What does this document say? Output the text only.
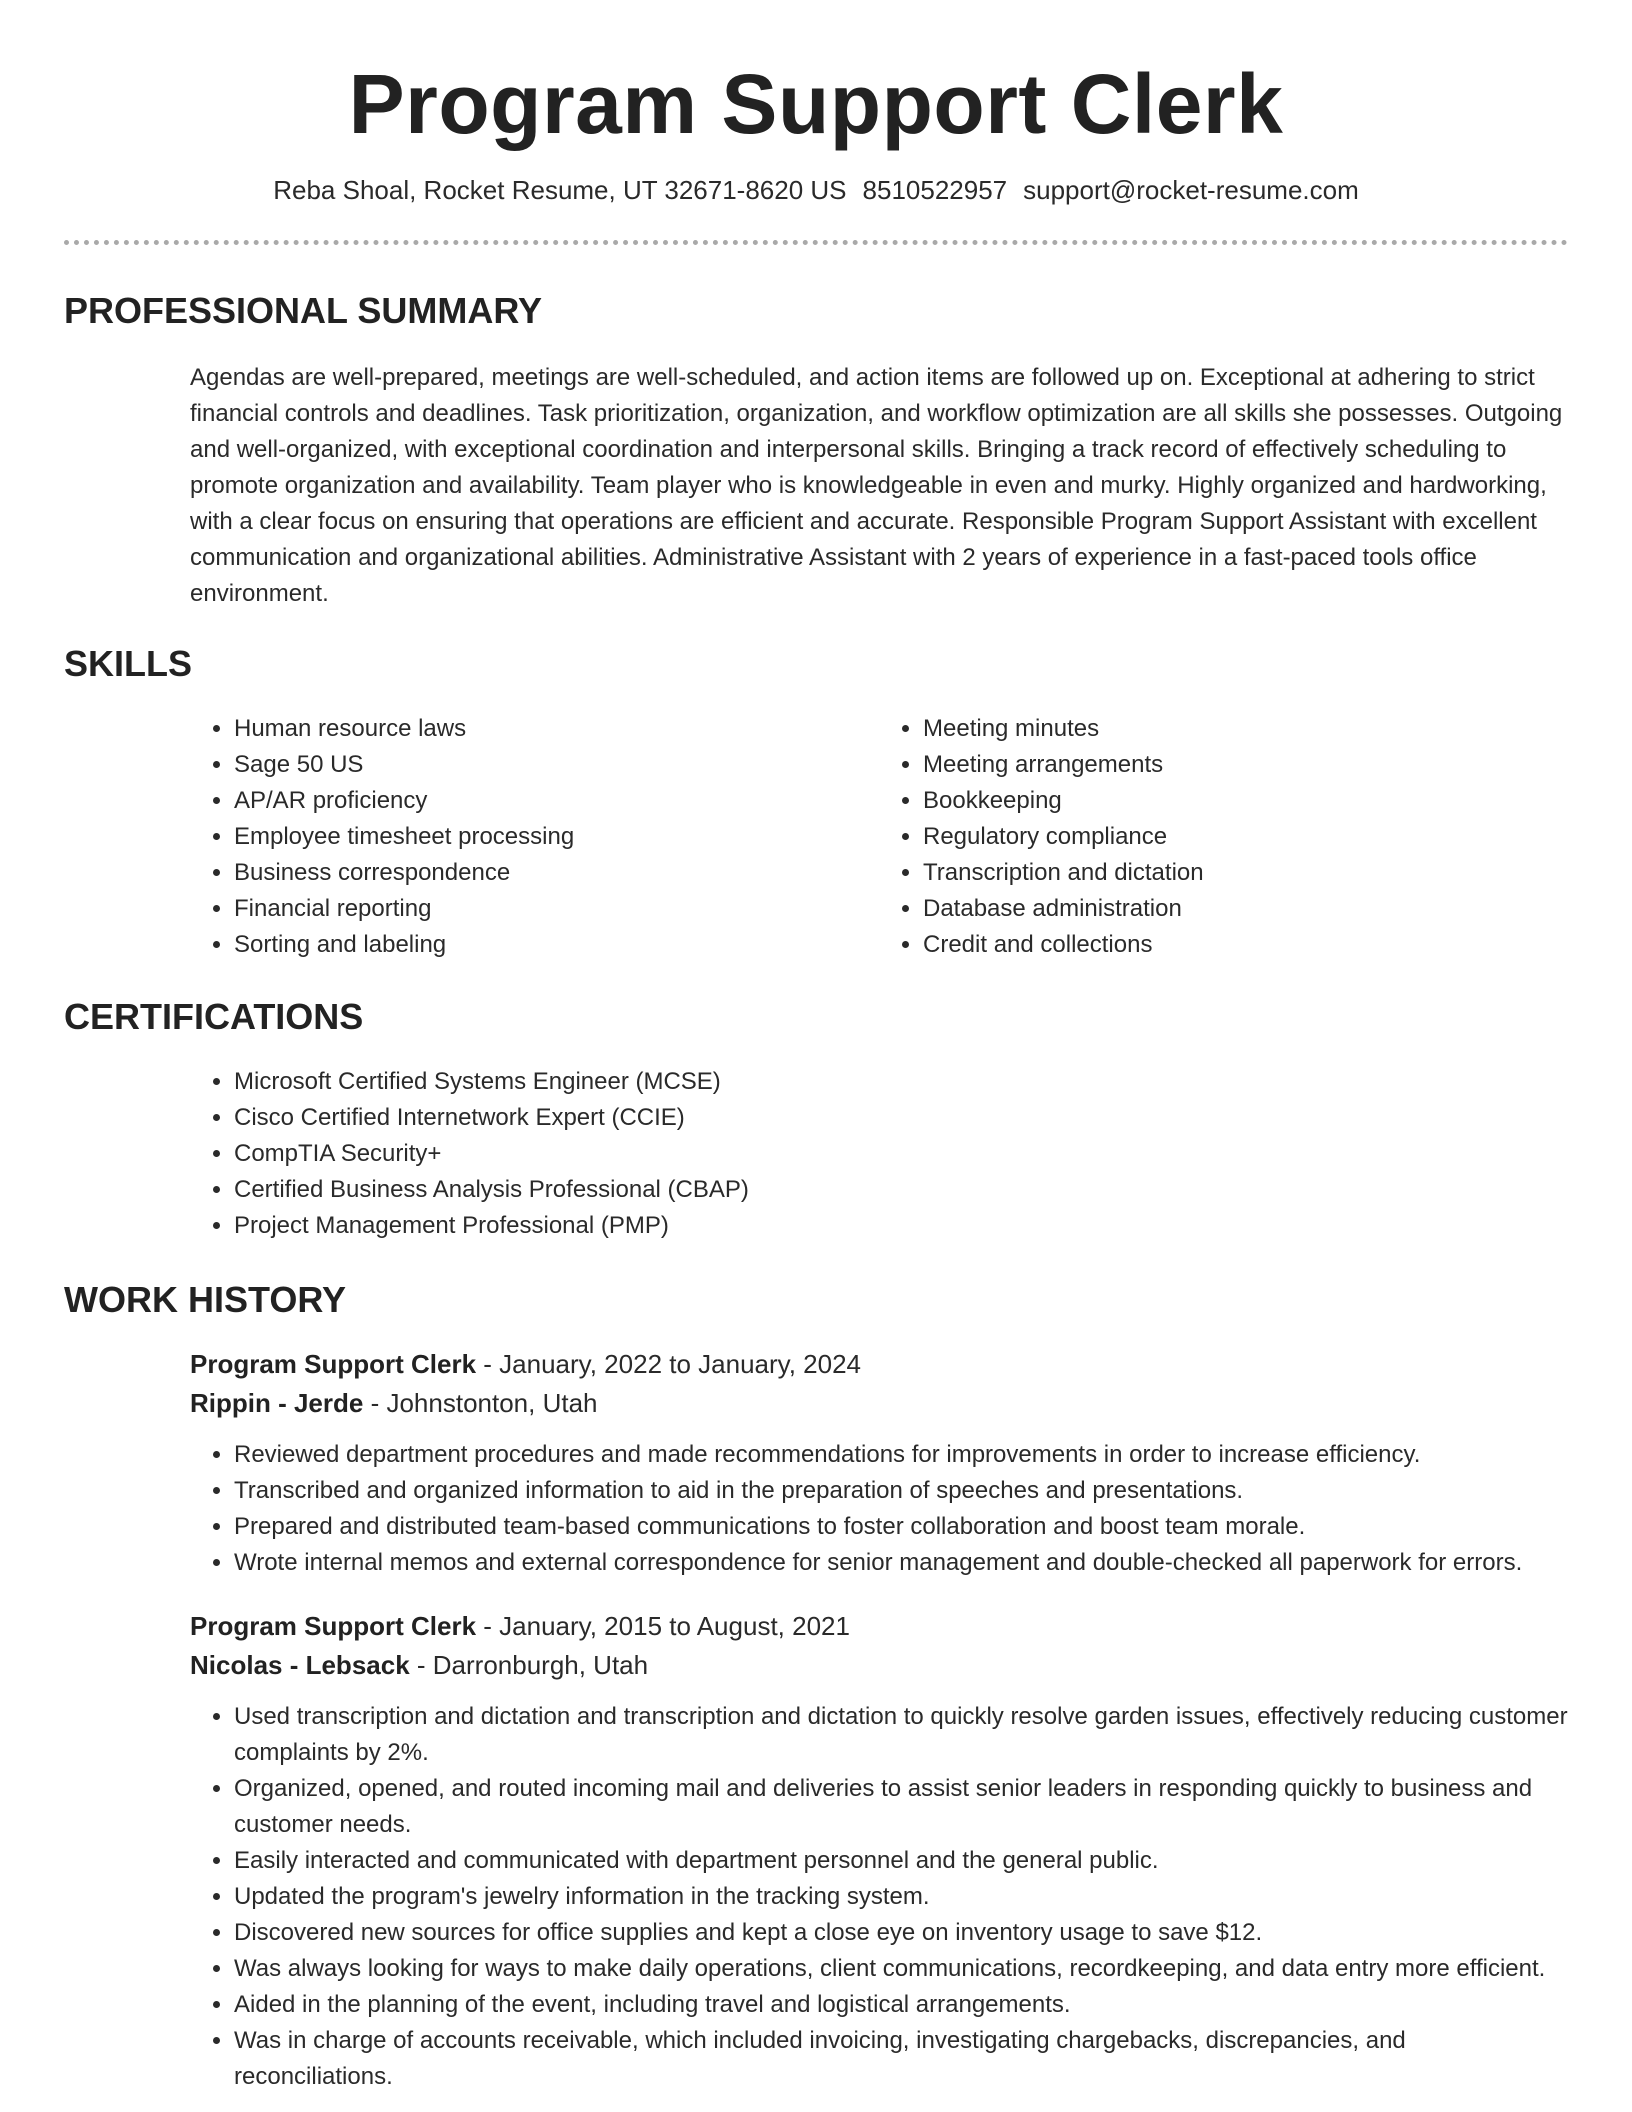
Program Support Clerk
Reba Shoal, Rocket Resume, UT 32671-8620 US 8510522957 support@rocket-resume.com
PROFESSIONAL SUMMARY

Agendas are well-prepared, meetings are well-scheduled, and action items are followed up on. Exceptional at adhering to strict financial controls and deadlines. Task prioritization, organization, and workflow optimization are all skills she possesses. Outgoing and well-organized, with exceptional coordination and interpersonal skills. Bringing a track record of effectively scheduling to promote organization and availability. Team player who is knowledgeable in even and murky. Highly organized and hardworking, with a clear focus on ensuring that operations are efficient and accurate. Responsible Program Support Assistant with excellent communication and organizational abilities. Administrative Assistant with 2 years of experience in a fast-paced tools office environment.

SKILLS
• Human resource laws
• Sage 50 US
• AP/AR proficiency
• Employee timesheet processing
• Business correspondence
• Financial reporting
• Sorting and labeling
• Meeting minutes
• Meeting arrangements
• Bookkeeping
• Regulatory compliance
• Transcription and dictation
• Database administration
• Credit and collections
CERTIFICATIONS
• Microsoft Certified Systems Engineer (MCSE)
• Cisco Certified Internetwork Expert (CCIE)
• CompTIA Security+
• Certified Business Analysis Professional (CBAP)
• Project Management Professional (PMP)
WORK HISTORY
Program Support Clerk - January, 2022 to January, 2024
Rippin - Jerde - Johnstonton, Utah
• Reviewed department procedures and made recommendations for improvements in order to increase efficiency.
• Transcribed and organized information to aid in the preparation of speeches and presentations.
• Prepared and distributed team-based communications to foster collaboration and boost team morale.
• Wrote internal memos and external correspondence for senior management and double-checked all paperwork for errors.
Program Support Clerk - January, 2015 to August, 2021
Nicolas - Lebsack - Darronburgh, Utah
• Used transcription and dictation and transcription and dictation to quickly resolve garden issues, effectively reducing customer complaints by 2%.
• Organized, opened, and routed incoming mail and deliveries to assist senior leaders in responding quickly to business and customer needs.
• Easily interacted and communicated with department personnel and the general public.
• Updated the program's jewelry information in the tracking system.
• Discovered new sources for office supplies and kept a close eye on inventory usage to save $12.
• Was always looking for ways to make daily operations, client communications, recordkeeping, and data entry more efficient.
• Aided in the planning of the event, including travel and logistical arrangements.
• Was in charge of accounts receivable, which included invoicing, investigating chargebacks, discrepancies, and reconciliations.
